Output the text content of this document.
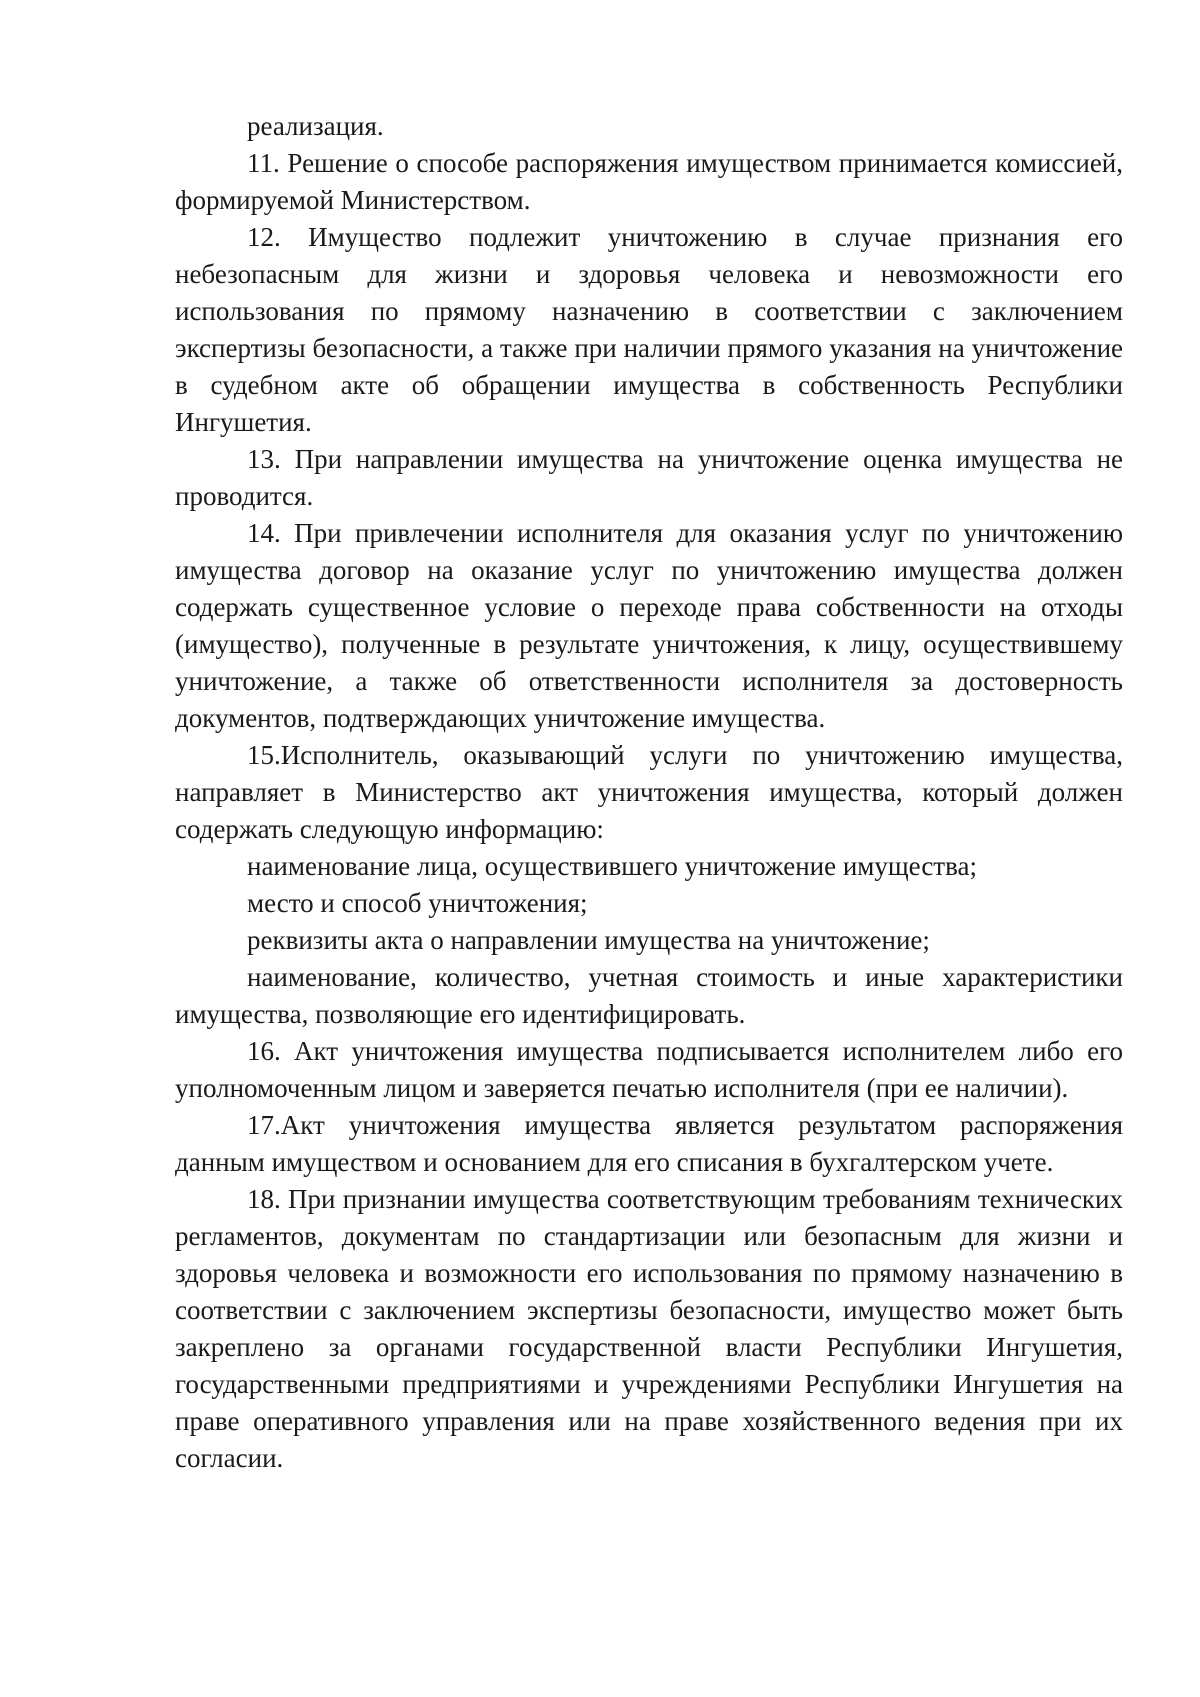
реализация.

11. Решение о способе распоряжения имуществом принимается комиссией, формируемой Министерством.

12. Имущество подлежит уничтожению в случае признания его небезопасным для жизни и здоровья человека и невозможности его использования по прямому назначению в соответствии с заключением экспертизы безопасности, а также при наличии прямого указания на уничтожение в судебном акте об обращении имущества в собственность Республики Ингушетия.

13. При направлении имущества на уничтожение оценка имущества не проводится.

14. При привлечении исполнителя для оказания услуг по уничтожению имущества договор на оказание услуг по уничтожению имущества должен содержать существенное условие о переходе права собственности на отходы (имущество), полученные в результате уничтожения, к лицу, осуществившему уничтожение, а также об ответственности исполнителя за достоверность документов, подтверждающих уничтожение имущества.

15.Исполнитель, оказывающий услуги по уничтожению имущества, направляет в Министерство акт уничтожения имущества, который должен содержать следующую информацию:

наименование лица, осуществившего уничтожение имущества;

место и способ уничтожения;

реквизиты акта о направлении имущества на уничтожение;

наименование, количество, учетная стоимость и иные характеристики имущества, позволяющие его идентифицировать.

16. Акт уничтожения имущества подписывается исполнителем либо его уполномоченным лицом и заверяется печатью исполнителя (при ее наличии).

17.Акт уничтожения имущества является результатом распоряжения данным имуществом и основанием для его списания в бухгалтерском учете.

18. При признании имущества соответствующим требованиям технических регламентов, документам по стандартизации или безопасным для жизни и здоровья человека и возможности его использования по прямому назначению в соответствии с заключением экспертизы безопасности, имущество может быть закреплено за органами государственной власти Республики Ингушетия, государственными предприятиями и учреждениями Республики Ингушетия на праве оперативного управления или на праве хозяйственного ведения при их согласии.
